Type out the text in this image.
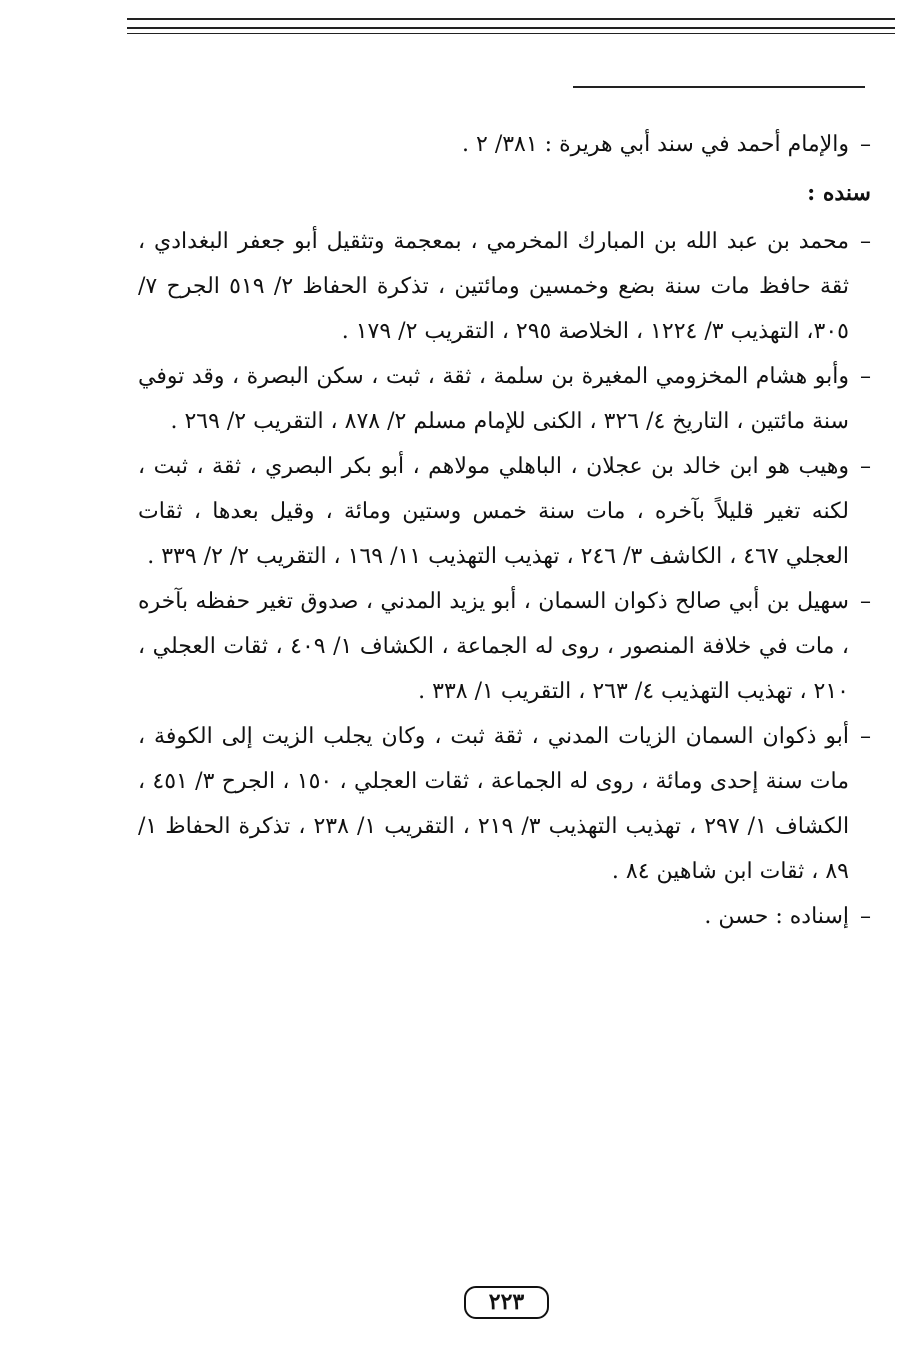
–
والإمام أحمد في سند أبي هريرة : ٣٨١/ ٢ .

سنده :

–
محمد بن عبد الله بن المبارك المخرمي ، بمعجمة وتثقيل أبو جعفر البغدادي ، ثقة حافظ مات سنة بضع وخمسين ومائتين ، تذكرة الحفاظ ٢/ ٥١٩ الجرح ٧/ ٣٠٥، التهذيب ٣/ ١٢٢٤ ، الخلاصة ٢٩٥ ، التقريب ٢/ ١٧٩ .

–
وأبو هشام المخزومي المغيرة بن سلمة ، ثقة ، ثبت ، سكن البصرة ، وقد توفي سنة مائتين ، التاريخ ٤/ ٣٢٦ ، الكنى للإمام مسلم ٢/ ٨٧٨ ، التقريب ٢/ ٢٦٩ .

–
وهيب هو ابن خالد بن عجلان ، الباهلي مولاهم ، أبو بكر البصري ، ثقة ، ثبت ، لكنه تغير قليلاً بآخره ، مات سنة خمس وستين ومائة ، وقيل بعدها ، ثقات العجلي ٤٦٧ ، الكاشف ٣/ ٢٤٦ ، تهذيب التهذيب ١١/ ١٦٩ ، التقريب ٢/ ٢/ ٣٣٩ .

–
سهيل بن أبي صالح ذكوان السمان ، أبو يزيد المدني ، صدوق تغير حفظه بآخره ، مات في خلافة المنصور ، روى له الجماعة ، الكشاف ١/ ٤٠٩ ، ثقات العجلي ، ٢١٠ ، تهذيب التهذيب ٤/ ٢٦٣ ، التقريب ١/ ٣٣٨ .

–
أبو ذكوان السمان الزيات المدني ، ثقة ثبت ، وكان يجلب الزيت إلى الكوفة ، مات سنة إحدى ومائة ، روى له الجماعة ، ثقات العجلي ، ١٥٠ ، الجرح ٣/ ٤٥١ ، الكشاف ١/ ٢٩٧ ، تهذيب التهذيب ٣/ ٢١٩ ، التقريب ١/ ٢٣٨ ، تذكرة الحفاظ ١/ ٨٩ ، ثقات ابن شاهين ٨٤ .

–
إسناده : حسن .

٢٢٣
